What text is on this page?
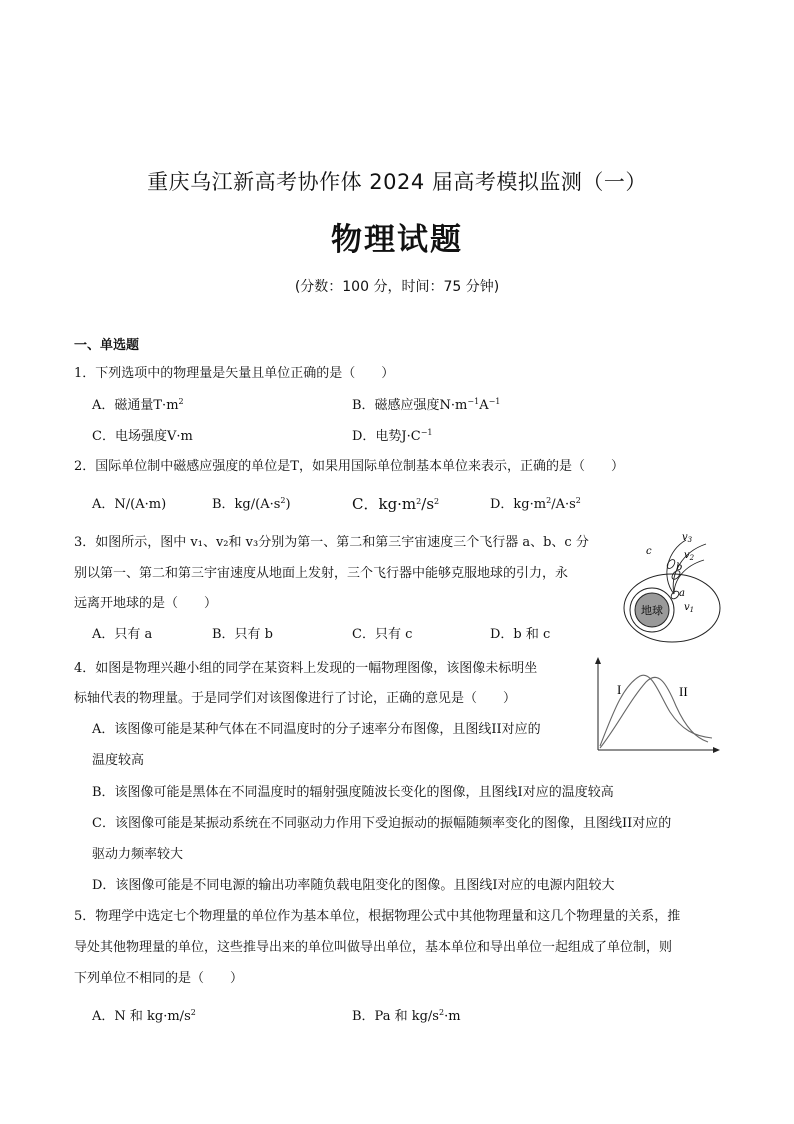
重庆乌江新高考协作体 2024 届高考模拟监测（一）
物理试题
(分数：100 分，时间：75 分钟)
一、单选题
1．下列选项中的物理量是矢量且单位正确的是（　　）
A．磁通量$T\cdot m^2$	B．磁感应强度$N\cdot m^{-1}A^{-1}$
C．电场强度V·m	D．电势$J\cdot C^{-1}$
2．国际单位制中磁感应强度的单位是T，如果用国际单位制基本单位来表示，正确的是（　　）
A．N/(A·m)	B．$kg/(A\cdot s^2)$	C．$kg\cdot m^2/s^2$	D．$kg\cdot m^2/A\cdot s^2$
3．如图所示，图中 v₁、v₂和 v₃分别为第一、第二和第三宇宙速度三个飞行器 a、b、c 分
别以第一、第二和第三宇宙速度从地面上发射，三个飞行器中能够克服地球的引力，永
远离开地球的是（　　）
A．只有 a	B．只有 b	C．只有 c	D．b 和 c
地球
c
b
a
$v_3$
$v_2$
$v_1$
4．如图是物理兴趣小组的同学在某资料上发现的一幅物理图像，该图像未标明坐
标轴代表的物理量。于是同学们对该图像进行了讨论，正确的意见是（　　）
A．该图像可能是某种气体在不同温度时的分子速率分布图像，且图线II对应的
温度较高
B．该图像可能是黑体在不同温度时的辐射强度随波长变化的图像，且图线I对应的温度较高
C．该图像可能是某振动系统在不同驱动力作用下受迫振动的振幅随频率变化的图像，且图线II对应的
驱动力频率较大
D．该图像可能是不同电源的输出功率随负载电阻变化的图像。且图线I对应的电源内阻较大
I	II
5．物理学中选定七个物理量的单位作为基本单位，根据物理公式中其他物理量和这几个物理量的关系，推
导处其他物理量的单位，这些推导出来的单位叫做导出单位，基本单位和导出单位一起组成了单位制，则
下列单位不相同的是（　　）
A．N 和 $kg\cdot m/s^2$	B．Pa 和 $kg/s^2\cdot m$
